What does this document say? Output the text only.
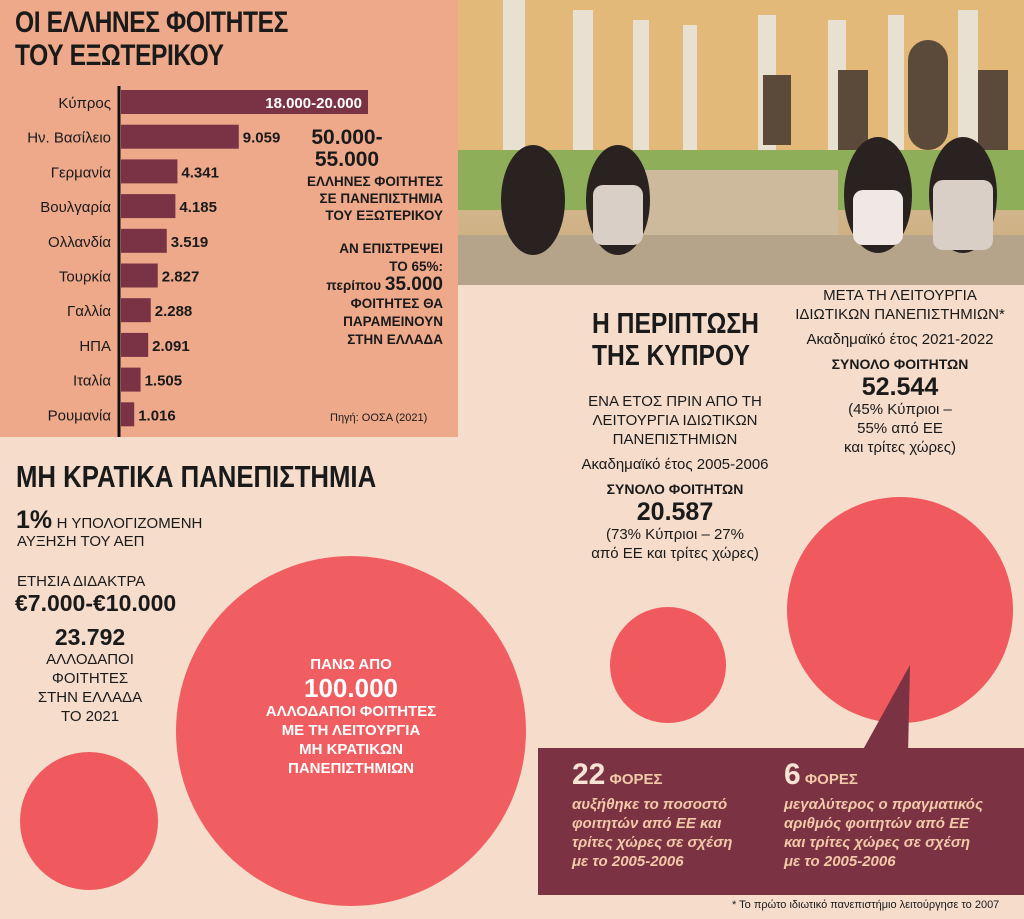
ΟΙ ΕΛΛΗΝΕΣ ΦΟΙΤΗΤΕΣ
ΤΟΥ ΕΞΩΤΕΡΙΚΟΥ
Κύπρος	18.000-20.000
Ην. Βασίλειο	9.059
Γερμανία	4.341
Βουλγαρία	4.185
Ολλανδία	3.519
Τουρκία	2.827
Γαλλία	2.288
ΗΠΑ	2.091
Ιταλία 1.505
Ρουμανία 1.016
50.000-
55.000
ΕΛΛΗΝΕΣ ΦΟΙΤΗΤΕΣ
ΣΕ ΠΑΝΕΠΙΣΤΗΜΙΑ
ΤΟΥ ΕΞΩΤΕΡΙΚΟΥ
ΑΝ ΕΠΙΣΤΡΕΨΕΙ
ΤΟ 65%:
περίπου 35.000
ΦΟΙΤΗΤΕΣ ΘΑ
ΠΑΡΑΜΕΙΝΟΥΝ
ΣΤΗΝ ΕΛΛΑΔΑ
Πηγή: ΟΟΣΑ (2021)
ΜΗ ΚΡΑΤΙΚΑ ΠΑΝΕΠΙΣΤΗΜΙΑ
1% Η ΥΠΟΛΟΓΙΖΟΜΕΝΗ
ΑΥΞΗΣΗ ΤΟΥ ΑΕΠ
ΕΤΗΣΙΑ ΔΙΔΑΚΤΡΑ
€7.000-€10.000
23.792
ΑΛΛΟΔΑΠΟΙ
ΦΟΙΤΗΤΕΣ
ΣΤΗΝ ΕΛΛΑΔΑ
ΤΟ 2021
ΠΑΝΩ ΑΠΟ
100.000
ΑΛΛΟΔΑΠΟΙ ΦΟΙΤΗΤΕΣ
ΜΕ ΤΗ ΛΕΙΤΟΥΡΓΙΑ
ΜΗ ΚΡΑΤΙΚΩΝ
ΠΑΝΕΠΙΣΤΗΜΙΩΝ
Η ΠΕΡΙΠΤΩΣΗ
ΤΗΣ ΚΥΠΡΟΥ
ΕΝΑ ΕΤΟΣ ΠΡΙΝ ΑΠΟ ΤΗ
ΛΕΙΤΟΥΡΓΙΑ ΙΔΙΩΤΙΚΩΝ
ΠΑΝΕΠΙΣΤΗΜΙΩΝ
Ακαδημαϊκό έτος 2005-2006
ΣΥΝΟΛΟ ΦΟΙΤΗΤΩΝ
20.587
(73% Κύπριοι – 27%
από ΕΕ και τρίτες χώρες)
ΜΕΤΑ ΤΗ ΛΕΙΤΟΥΡΓΙΑ
ΙΔΙΩΤΙΚΩΝ ΠΑΝΕΠΙΣΤΗΜΙΩΝ*
Ακαδημαϊκό έτος 2021-2022
ΣΥΝΟΛΟ ΦΟΙΤΗΤΩΝ
52.544
(45% Κύπριοι –
55% από ΕΕ
και τρίτες χώρες)
22 ΦΟΡΕΣ
αυξήθηκε το ποσοστό
φοιτητών από ΕΕ και
τρίτες χώρες σε σχέση
με το 2005-2006
6 ΦΟΡΕΣ
μεγαλύτερος ο πραγματικός
αριθμός φοιτητών από ΕΕ
και τρίτες χώρες σε σχέση
με το 2005-2006
* Το πρώτο ιδιωτικό πανεπιστήμιο λειτούργησε το 2007
